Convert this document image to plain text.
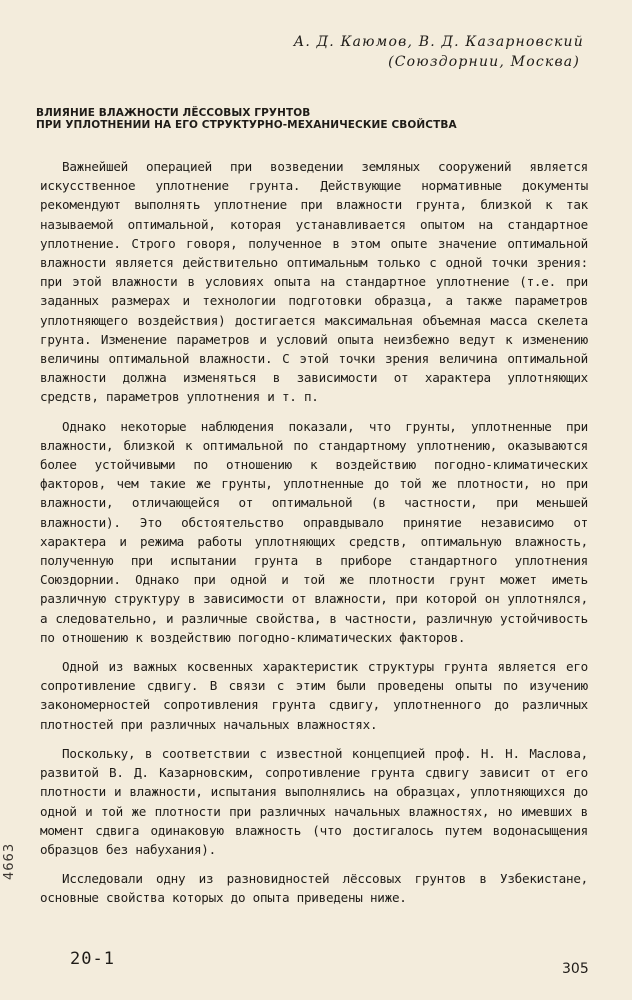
А. Д. Каюмов, В. Д. Казарновский
(Союздорнии, Москва)
ВЛИЯНИЕ ВЛАЖНОСТИ ЛЁССОВЫХ ГРУНТОВ
ПРИ УПЛОТНЕНИИ НА ЕГО СТРУКТУРНО-МЕХАНИЧЕСКИЕ СВОЙСТВА

Важнейшей операцией при возведении земляных сооружений является искусственное уплотнение грунта. Действующие нормативные документы рекомендуют выполнять уплотнение при влажности грунта, близкой к так называемой оптимальной, которая устанавливается опытом на стандартное уплотнение. Строго говоря, полученное в этом опыте значение оптимальной влажности является действительно оптимальным только с одной точки зрения: при этой влажности в условиях опыта на стандартное уплотнение (т.е. при заданных размерах и технологии подготовки образца, а также параметров уплотняющего воздействия) достигается максимальная объемная масса скелета грунта. Изменение параметров и условий опыта неизбежно ведут к изменению величины оптимальной влажности. С этой точки зрения величина оптимальной влажности должна изменяться в зависимости от характера уплотняющих средств, параметров уплотнения и т. п.

Однако некоторые наблюдения показали, что грунты, уплотненные при влажности, близкой к оптимальной по стандартному уплотнению, оказываются более устойчивыми по отношению к воздействию погодно-климатических факторов, чем такие же грунты, уплотненные до той же плотности, но при влажности, отличающейся от оптимальной (в частности, при меньшей влажности). Это обстоятельство оправдывало принятие независимо от характера и режима работы уплотняющих средств, оптимальную влажность, полученную при испытании грунта в приборе стандартного уплотнения Союздорнии. Однако при одной и той же плотности грунт может иметь различную структуру в зависимости от влажности, при которой он уплотнялся, а следовательно, и различные свойства, в частности, различную устойчивость по отношению к воздействию погодно-климатических факторов.

Одной из важных косвенных характеристик структуры грунта является его сопротивление сдвигу. В связи с этим были проведены опыты по изучению закономерностей сопротивления грунта сдвигу, уплотненного до различных плотностей при различных начальных влажностях.

Поскольку, в соответствии с известной концепцией проф. Н. Н. Маслова, развитой В. Д. Казарновским, сопротивление грунта сдвигу зависит от его плотности и влажности, испытания выполнялись на образцах, уплотняющихся до одной и той же плотности при различных начальных влажностях, но имевших в момент сдвига одинаковую влажность (что достигалось путем водонасыщения образцов без набухания).

Исследовали одну из разновидностей лёссовых грунтов в Узбекистане, основные свойства которых до опыта приведены ниже.

4663
20-1	305
